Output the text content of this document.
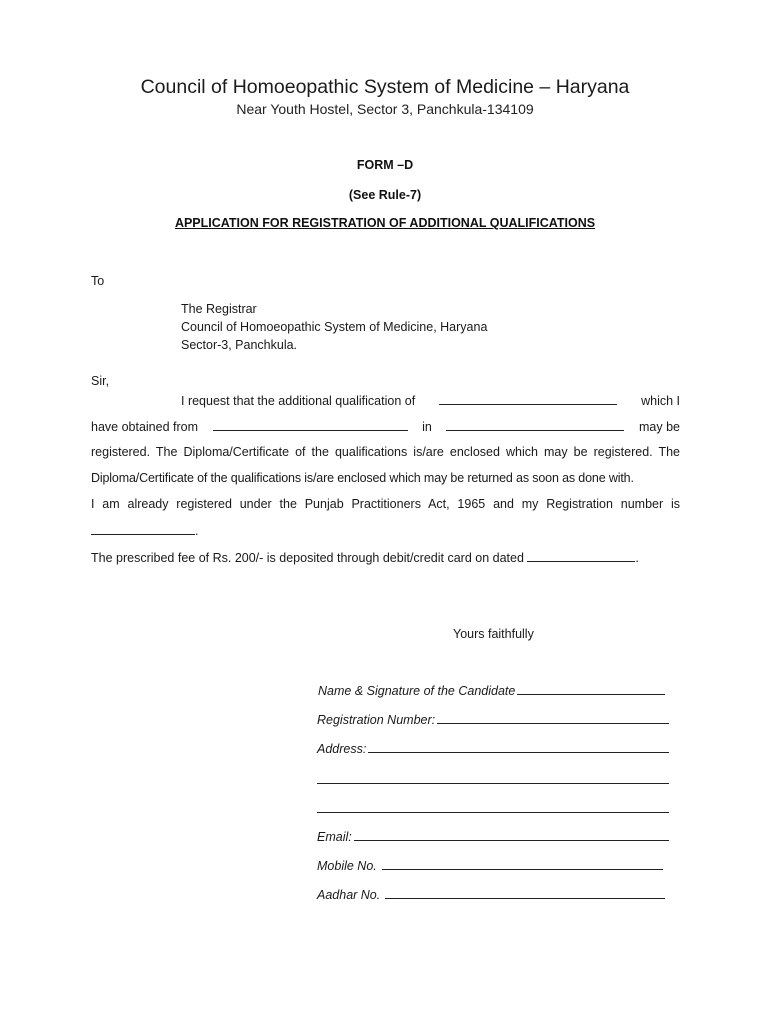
Council of Homoeopathic System of Medicine – Haryana
Near Youth Hostel, Sector 3, Panchkula-134109
FORM –D
(See Rule-7)
APPLICATION FOR REGISTRATION OF ADDITIONAL QUALIFICATIONS
To
The Registrar
Council of Homoeopathic System of Medicine, Haryana
Sector-3, Panchkula.
Sir,
I request that the additional qualification of	which I
have obtained from	in	may be
registered. The Diploma/Certificate of the qualifications is/are enclosed which may be registered. The
Diploma/Certificate of the qualifications is/are enclosed which may be returned as soon as done with.
I am already registered under the Punjab Practitioners Act, 1965 and my Registration number is
.
The prescribed fee of Rs. 200/- is deposited through debit/credit card on dated	.
Yours faithfully
Name & Signature of the Candidate
Registration Number:
Address:
Email:
Mobile No.
Aadhar No.
